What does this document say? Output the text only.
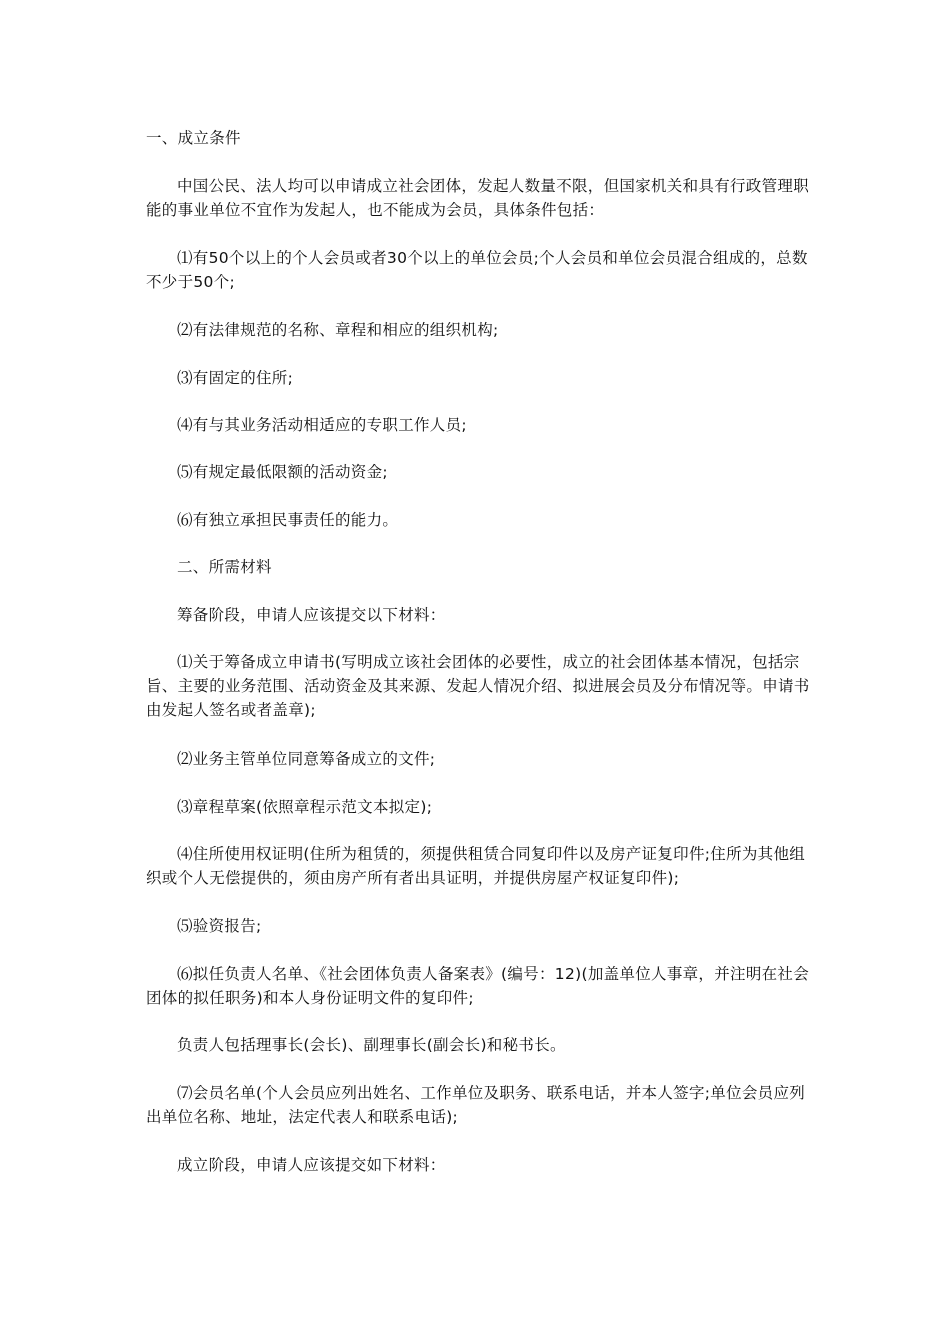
一、成立条件

中国公民、法人均可以申请成立社会团体，发起人数量不限，但国家机关和具有行政管理职能的事业单位不宜作为发起人，也不能成为会员，具体条件包括：

⑴有50个以上的个人会员或者30个以上的单位会员;个人会员和单位会员混合组成的，总数不少于50个;

⑵有法律规范的名称、章程和相应的组织机构;

⑶有固定的住所;

⑷有与其业务活动相适应的专职工作人员;

⑸有规定最低限额的活动资金;

⑹有独立承担民事责任的能力。

二、所需材料

筹备阶段，申请人应该提交以下材料：

⑴关于筹备成立申请书(写明成立该社会团体的必要性，成立的社会团体基本情况，包括宗旨、主要的业务范围、活动资金及其来源、发起人情况介绍、拟进展会员及分布情况等。申请书由发起人签名或者盖章);

⑵业务主管单位同意筹备成立的文件;

⑶章程草案(依照章程示范文本拟定);

⑷住所使用权证明(住所为租赁的，须提供租赁合同复印件以及房产证复印件;住所为其他组织或个人无偿提供的，须由房产所有者出具证明，并提供房屋产权证复印件);

⑸验资报告;

⑹拟任负责人名单、《社会团体负责人备案表》(编号：12)(加盖单位人事章，并注明在社会团体的拟任职务)和本人身份证明文件的复印件;

负责人包括理事长(会长)、副理事长(副会长)和秘书长。

⑺会员名单(个人会员应列出姓名、工作单位及职务、联系电话，并本人签字;单位会员应列出单位名称、地址，法定代表人和联系电话);

成立阶段，申请人应该提交如下材料：
